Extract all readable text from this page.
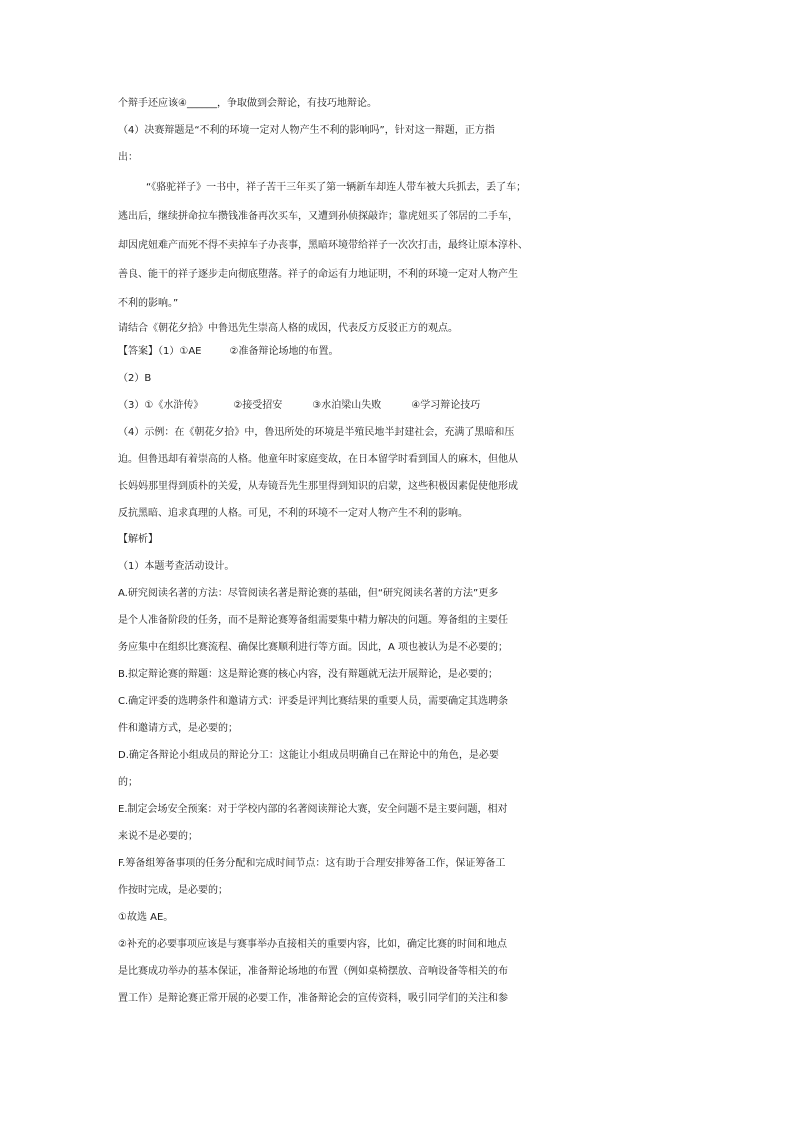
个辩手还应该④______，争取做到会辩论，有技巧地辩论。
（4）决赛辩题是“不利的环境一定对人物产生不利的影响吗”，针对这一辩题，正方指
出：
“《骆驼祥子》一书中，祥子苦干三年买了第一辆新车却连人带车被大兵抓去，丢了车；
逃出后，继续拼命拉车攒钱准备再次买车，又遭到孙侦探敲诈；靠虎妞买了邻居的二手车，
却因虎妞难产而死不得不卖掉车子办丧事，黑暗环境带给祥子一次次打击，最终让原本淳朴、
善良、能干的祥子逐步走向彻底堕落。祥子的命运有力地证明，不利的环境一定对人物产生
不利的影响。”
请结合《朝花夕拾》中鲁迅先生崇高人格的成因，代表反方反驳正方的观点。
【答案】（1）①AE	②准备辩论场地的布置。
（2）B
（3）①《水浒传》	②接受招安	③水泊梁山失败	④学习辩论技巧
（4）示例：在《朝花夕拾》中，鲁迅所处的环境是半殖民地半封建社会，充满了黑暗和压
迫。但鲁迅却有着崇高的人格。他童年时家庭变故，在日本留学时看到国人的麻木，但他从
长妈妈那里得到质朴的关爱，从寿镜吾先生那里得到知识的启蒙，这些积极因素促使他形成
反抗黑暗、追求真理的人格。可见，不利的环境不一定对人物产生不利的影响。
【解析】
（1）本题考查活动设计。
A.研究阅读名著的方法：尽管阅读名著是辩论赛的基础，但“研究阅读名著的方法”更多
是个人准备阶段的任务，而不是辩论赛筹备组需要集中精力解决的问题。筹备组的主要任
务应集中在组织比赛流程、确保比赛顺利进行等方面。因此，A 项也被认为是不必要的；
B.拟定辩论赛的辩题：这是辩论赛的核心内容，没有辩题就无法开展辩论，是必要的；
C.确定评委的选聘条件和邀请方式：评委是评判比赛结果的重要人员，需要确定其选聘条
件和邀请方式，是必要的；
D.确定各辩论小组成员的辩论分工：这能让小组成员明确自己在辩论中的角色，是必要
的；
E.制定会场安全预案：对于学校内部的名著阅读辩论大赛，安全问题不是主要问题，相对
来说不是必要的；
F.筹备组筹备事项的任务分配和完成时间节点：这有助于合理安排筹备工作，保证筹备工
作按时完成，是必要的；
①故选 AE。
②补充的必要事项应该是与赛事举办直接相关的重要内容，比如，确定比赛的时间和地点
是比赛成功举办的基本保证，准备辩论场地的布置（例如桌椅摆放、音响设备等相关的布
置工作）是辩论赛正常开展的必要工作，准备辩论会的宣传资料，吸引同学们的关注和参
